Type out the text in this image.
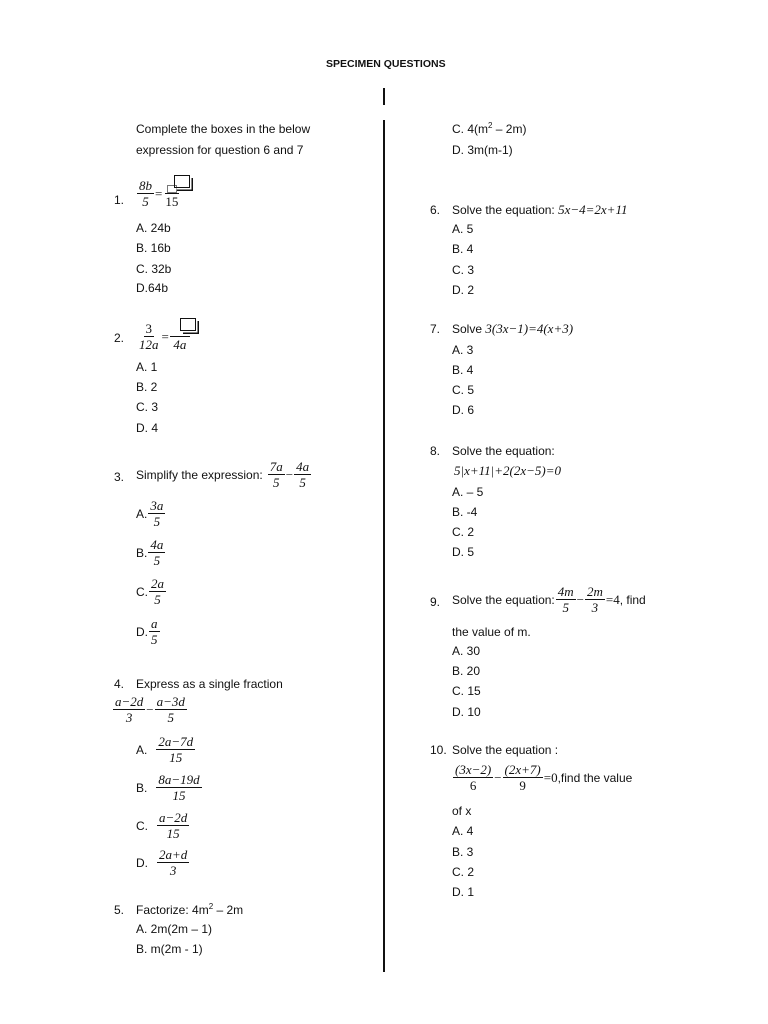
SPECIMEN QUESTIONS
Complete the boxes in the below
expression for question 6 and 7
1. $\frac{8b}{5}$ =
15
A. 24b
B. 16b
C. 32b
D.64b
2. $\frac{3}{12a}$ =
4a
A. 1
B. 2
C. 3
D. 4
3. Simplify the expression: $\frac{7a}{5} - \frac{4a}{5}$
A. $\frac{3a}{5}$
B. $\frac{4a}{5}$
C. $\frac{2a}{5}$
D. $\frac{a}{5}$
4. Express as a single fraction
$\frac{a-2d}{3} - \frac{a-3d}{5}$
A. $\frac{2a-7d}{15}$
B. $\frac{8a-19d}{15}$
C. $\frac{a-2d}{15}$
D. $\frac{2a+d}{3}$
5. Factorize: $4m^2 - 2m$
A. 2m(2m – 1)
B. m(2m - 1)
C. $4(m^2 - 2m)$
D. 3m(m-1)
6. Solve the equation: 5x−4=2x+11
A. 5
B. 4
C. 3
D. 2
7. Solve 3(3x−1)=4(x+3)
A. 3
B. 4
C. 5
D. 6
8. Solve the equation:
5|x+11|+2(2x−5)=0
A. – 5
B. -4
C. 2
D. 5
9. Solve the equation: $\frac{4m}{5} - \frac{2m}{3} =4$ , find
the value of m.
A. 30
B. 20
C. 15
D. 10
10. Solve the equation :
$\frac{(3x-2)}{6} - \frac{(2x+7)}{9} =0$ ,find the value
of x
A. 4
B. 3
C. 2
D. 1
